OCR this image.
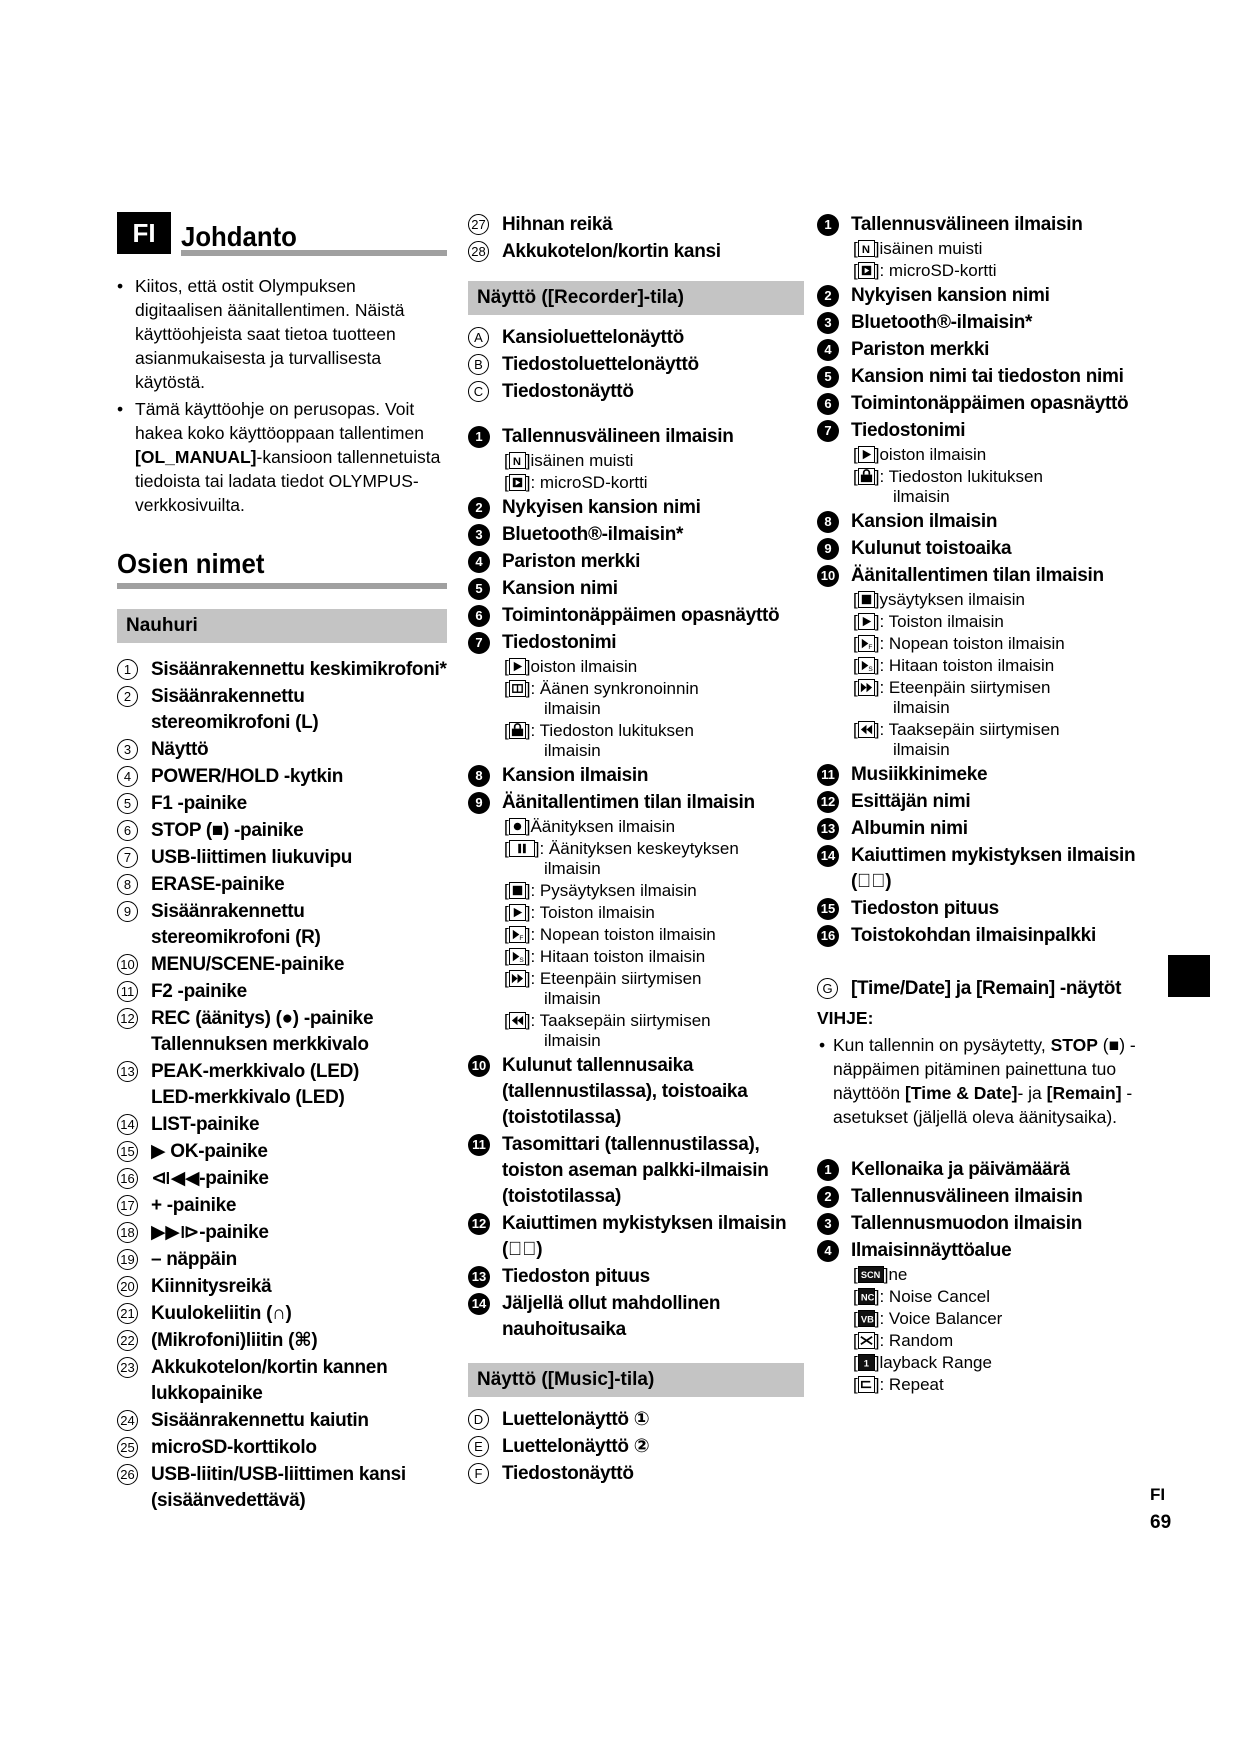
FI Johdanto
• Kiitos, että ostit Olympuksen digitaalisen äänitallentimen. Näistä käyttöohjeista saat tietoa tuotteen asianmukaisesta ja turvallisesta käytöstä.
• Tämä käyttöohje on perusopas. Voit hakea koko käyttöoppaan tallentimen [OL_MANUAL]-kansioon tallennetuista tiedoista tai ladata tiedot OLYMPUS-verkkosivuilta.
Osien nimet
Nauhuri
1	Sisäänrakennettu keskimikrofoni*
2	Sisäänrakennettu stereomikrofoni (L)
3	Näyttö
4	POWER/HOLD -kytkin
5	F1 -painike
6	STOP (■) -painike
7	USB-liittimen liukuvipu
8	ERASE-painike
9	Sisäänrakennettu stereomikrofoni (R)
10 MENU/SCENE-painike
11 F2 -painike
12 REC (äänitys) (●) -painike
Tallennuksen merkkivalo
13 PEAK-merkkivalo (LED)
LED-merkkivalo (LED)
14 LIST-painike
15 ▶ OK-painike
16 ⧏◀◀-painike
17 + -painike
18 ▶▶⧐-painike
19 – näppäin
20 Kiinnitysreikä
21 Kuulokeliitin (∩)
22 (Mikrofoni)liitin (⌘)
23 Akkukotelon/kortin kannen lukkopainike
24 Sisäänrakennettu kaiutin
25 microSD-korttikolo
26 USB-liitin/USB-liittimen kansi (sisäänvedettävä)
27 Hihnan reikä
28 Akkukotelon/kortin kansi
Näyttö ([Recorder]-tila)
A	Kansioluettelonäyttö
B	Tiedostoluettelonäyttö
C Tiedostonäyttö
1	Tallennusvälineen ilmaisin
[ N ]isäinen muisti
[ ]: microSD-kortti
2	Nykyisen kansion nimi
3	Bluetooth®-ilmaisin*
4	Pariston merkki
5	Kansion nimi
6	Toimintonäppäimen opasnäyttö
7	Tiedostonimi
[ ]oiston ilmaisin
[ ]: Äänen synkronoinnin
ilmaisin
[ ]: Tiedoston lukituksen
ilmaisin
8	Kansion ilmaisin
9	Äänitallentimen tilan ilmaisin
[ ]Äänityksen ilmaisin
[ ]: Äänityksen keskeytyksen
ilmaisin
[ ]: Pysäytyksen ilmaisin
[ ]: Toiston ilmaisin
[ F ]: Nopean toiston ilmaisin
[ S ]: Hitaan toiston ilmaisin
[ ]: Eteenpäin siirtymisen
ilmaisin
[ ]: Taaksepäin siirtymisen
ilmaisin
10 Kulunut tallennusaika (tallennustilassa), toistoaika (toistotilassa)
11 Tasomittari (tallennustilassa), toiston aseman palkki-ilmaisin (toistotilassa)
12 Kaiuttimen mykistyksen ilmaisin (◀⃠)
13 Tiedoston pituus
14 Jäljellä ollut mahdollinen nauhoitusaika
Näyttö ([Music]-tila)
D Luettelonäyttö ①
E	Luettelonäyttö ②
F	Tiedostonäyttö
1	Tallennusvälineen ilmaisin
[ N ]isäinen muisti
[ ]: microSD-kortti
2	Nykyisen kansion nimi
3	Bluetooth®-ilmaisin*
4	Pariston merkki
5	Kansion nimi tai tiedoston nimi
6	Toimintonäppäimen opasnäyttö
7	Tiedostonimi
[ ]oiston ilmaisin
[ ]: Tiedoston lukituksen
ilmaisin
8	Kansion ilmaisin
9	Kulunut toistoaika
10 Äänitallentimen tilan ilmaisin
[ ]ysäytyksen ilmaisin
[ ]: Toiston ilmaisin
[ F ]: Nopean toiston ilmaisin
[ S ]: Hitaan toiston ilmaisin
[ ]: Eteenpäin siirtymisen
ilmaisin
[ ]: Taaksepäin siirtymisen
ilmaisin
11 Musiikkinimeke
12 Esittäjän nimi
13 Albumin nimi
14 Kaiuttimen mykistyksen ilmaisin (◀⃠)
15 Tiedoston pituus
16 Toistokohdan ilmaisinpalkki
G [Time/Date] ja [Remain] -näytöt
VIHJE:
• Kun tallennin on pysäytetty, STOP (■) -näppäimen pitäminen painettuna tuo näyttöön [Time & Date]- ja [Remain] -asetukset (jäljellä oleva äänitysaika).
1	Kellonaika ja päivämäärä
2	Tallennusvälineen ilmaisin
3	Tallennusmuodon ilmaisin
4	Ilmaisinnäyttöalue
[ SCN ]ne
[ NC ]: Noise Cancel
[ VB ]: Voice Balancer
[ ]: Random
[ 1 ]layback Range
[ ]: Repeat
FI
69
